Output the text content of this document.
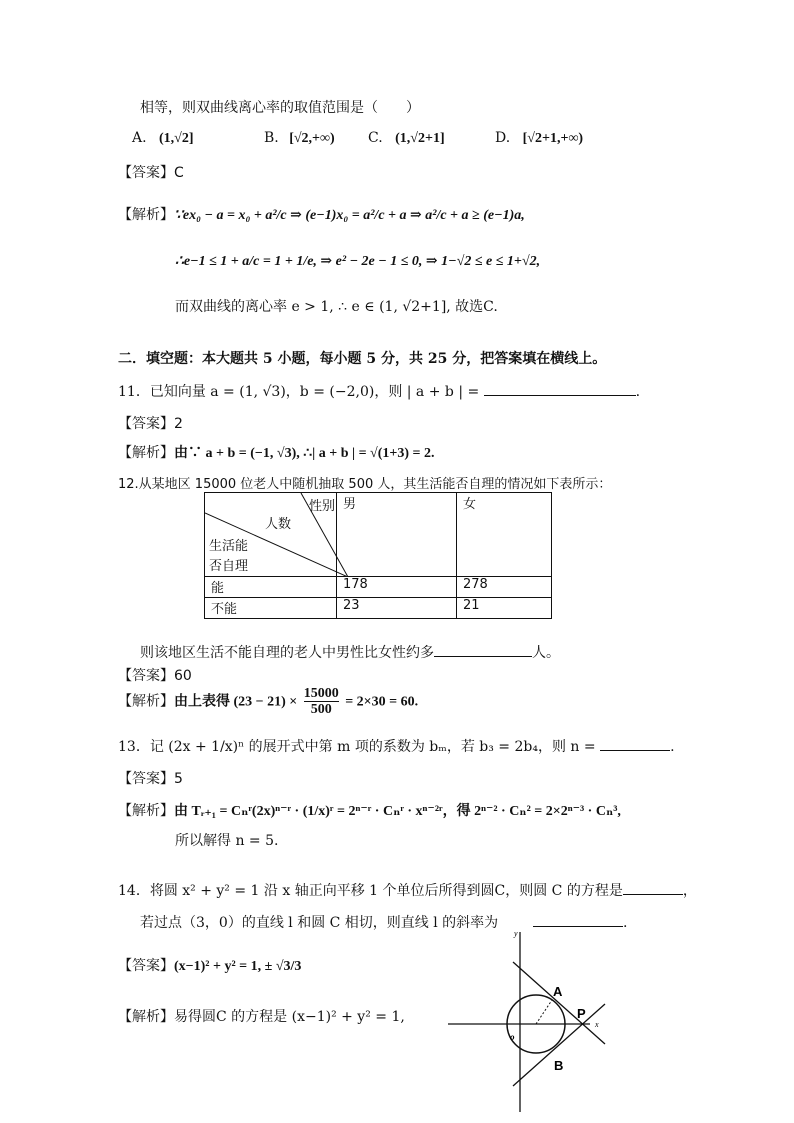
相等，则双曲线离心率的取值范围是（　　）
A. (1,√2]	B. [√2,+∞) C. (1,√2+1]	D. [√2+1,+∞)
【答案】C
【解析】∵ex₀ − a = x₀ + a²/c ⇒ (e−1)x₀ = a²/c + a ⇒ a²/c + a ≥ (e−1)a,
∴e−1 ≤ 1 + a/c = 1 + 1/e, ⇒ e² − 2e − 1 ≤ 0, ⇒ 1−√2 ≤ e ≤ 1+√2,
而双曲线的离心率 e > 1, ∴ e ∈ (1, √2+1], 故选C.
二．填空题：本大题共 5 小题，每小题 5 分，共 25 分，把答案填在横线上。
11．已知向量 a = (1, √3)，b = (−2,0)，则 | a + b | =	.
【答案】2
【解析】由∵ a + b = (−1, √3), ∴| a + b | = √(1+3) = 2.
12.从某地区 15000 位老人中随机抽取 500 人，其生活能否自理的情况如下表所示：
性别
人数
生活能
否自理	男	女
能	178	278
不能	23	21
则该地区生活不能自理的老人中男性比女性约多	人。
【答案】60
【解析】由上表得 $(23 - 21) \times \frac{15000}{500} = 2\times 30 = 60$.
13．记 (2x + 1/x)ⁿ 的展开式中第 m 项的系数为 bₘ，若 b₃ = 2b₄，则 n =	.
【答案】5
【解析】由 Tᵣ₊₁ = Cₙʳ(2x)ⁿ⁻ʳ · (1/x)ʳ = 2ⁿ⁻ʳ · Cₙʳ · xⁿ⁻²ʳ，得 2ⁿ⁻² · Cₙ² = 2×2ⁿ⁻³ · Cₙ³,
所以解得 n = 5.
14．将圆 x² + y² = 1 沿 x 轴正向平移 1 个单位后所得到圆C，则圆 C 的方程是	，
若过点（3，0）的直线 l 和圆 C 相切，则直线 l 的斜率为	.
【答案】(x−1)² + y² = 1, ± √3/3
【解析】易得圆C 的方程是 (x−1)² + y² = 1,
y
x
o
A
B
P
